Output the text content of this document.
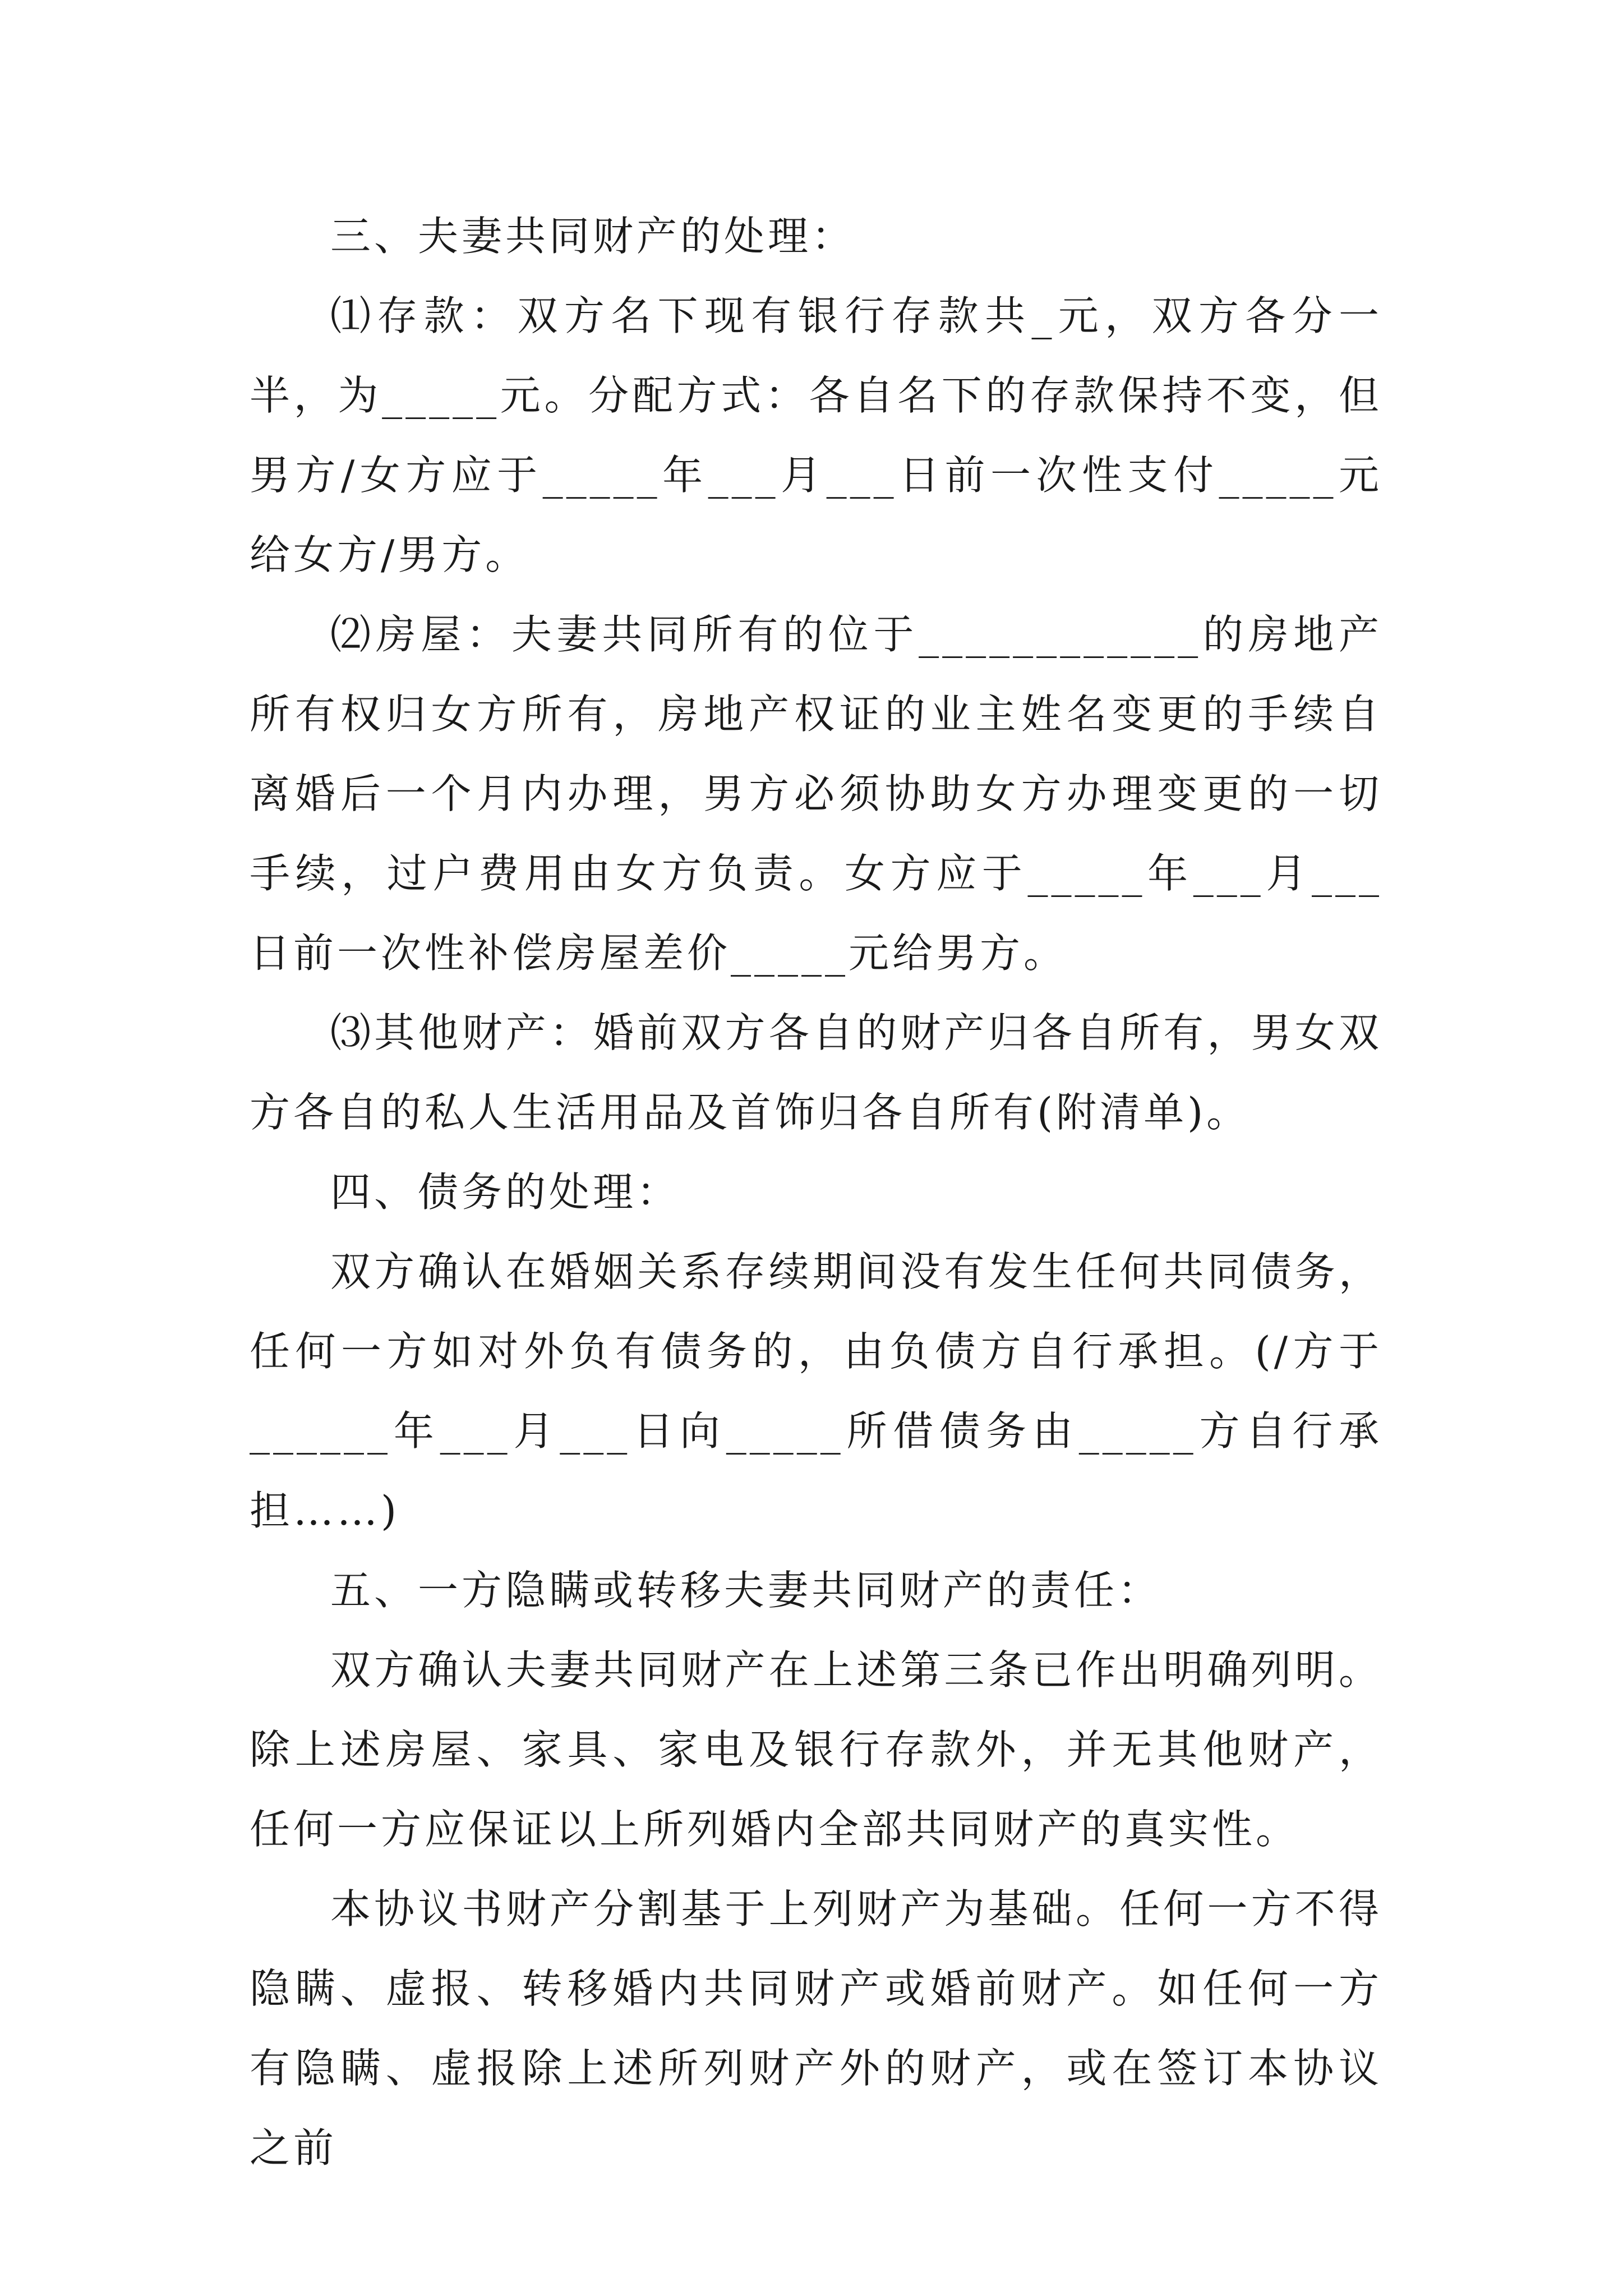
三、夫妻共同财产的处理：

⑴存款：双方名下现有银行存款共_元，双方各分一半，为_____元。分配方式：各自名下的存款保持不变，但男方/女方应于_____年___月___日前一次性支付_____元给女方/男方。

⑵房屋：夫妻共同所有的位于____________的房地产所有权归女方所有，房地产权证的业主姓名变更的手续自离婚后一个月内办理，男方必须协助女方办理变更的一切手续，过户费用由女方负责。女方应于_____年___月___日前一次性补偿房屋差价_____元给男方。

⑶其他财产：婚前双方各自的财产归各自所有，男女双方各自的私人生活用品及首饰归各自所有(附清单)。

四、债务的处理：

双方确认在婚姻关系存续期间没有发生任何共同债务，任何一方如对外负有债务的，由负债方自行承担。(/方于______年___月___日向_____所借债务由_____方自行承担……)

五、一方隐瞒或转移夫妻共同财产的责任：

双方确认夫妻共同财产在上述第三条已作出明确列明。除上述房屋、家具、家电及银行存款外，并无其他财产，任何一方应保证以上所列婚内全部共同财产的真实性。

本协议书财产分割基于上列财产为基础。任何一方不得隐瞒、虚报、转移婚内共同财产或婚前财产。如任何一方有隐瞒、虚报除上述所列财产外的财产，或在签订本协议之前
